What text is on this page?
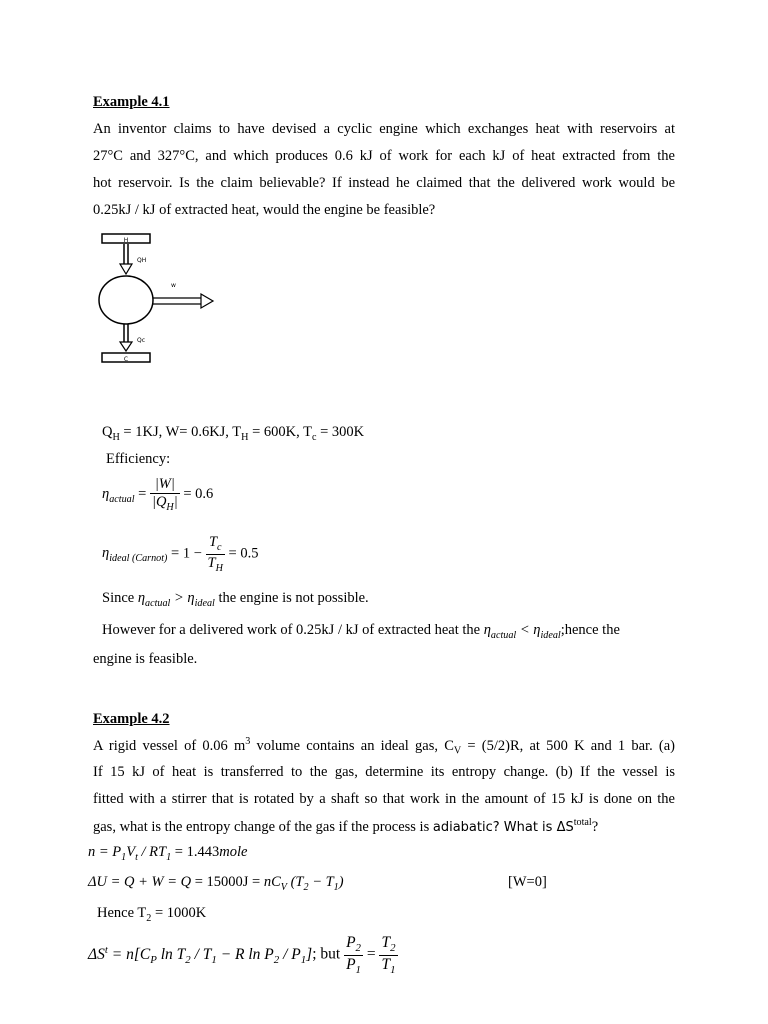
Example 4.1
An inventor claims to have devised a cyclic engine which exchanges heat with reservoirs at
27°C and 327°C, and which produces 0.6 kJ of work for each kJ of heat extracted from the
hot reservoir. Is the claim believable? If instead he claimed that the delivered work would be
0.25kJ / kJ of extracted heat, would the engine be feasible?
H
QH
w
Qc
C
$Q_H = 1KJ$, W= 0.6KJ, $T_H = 600K$, $T_c = 300K$
Efficiency:
$\eta_{actual} = \frac{|W|}{|Q_H|} = 0.6$
$\eta_{ideal (Carnot)} = 1 - \frac{T_c}{T_H} = 0.5$
Since $\eta_{actual} > \eta_{ideal}$ the engine is not possible.
However for a delivered work of 0.25kJ / kJ of extracted heat the $\eta_{actual}$ < $\eta_{ideal};hence$ the
engine is feasible.
Example 4.2
A rigid vessel of 0.06 $m^3$ volume contains an ideal gas, $C_V = (5/2)R$, at 500 K and 1 bar. (a)
If 15 kJ of heat is transferred to the gas, determine its entropy change. (b) If the vessel is
fitted with a stirrer that is rotated by a shaft so that work in the amount of 15 kJ is done on the
gas, what is the entropy change of the gas if the process is adiabatic? What is $\Delta S^{total}$?
$n = P_1V_t / RT_1$ = 1.443mole
$\Delta U = Q + W = Q = 15000J = nC_V$ $(T_2 - T_1)$	[W=0]
Hence $T_2 = 1000K$
$\Delta S^t = n[C_P$ $\ln T_2 / T_1 - R$ $\ln P_2 / P_1$]; but $\frac{P_2}{P_1} = \frac{T_2}{T_1}$
